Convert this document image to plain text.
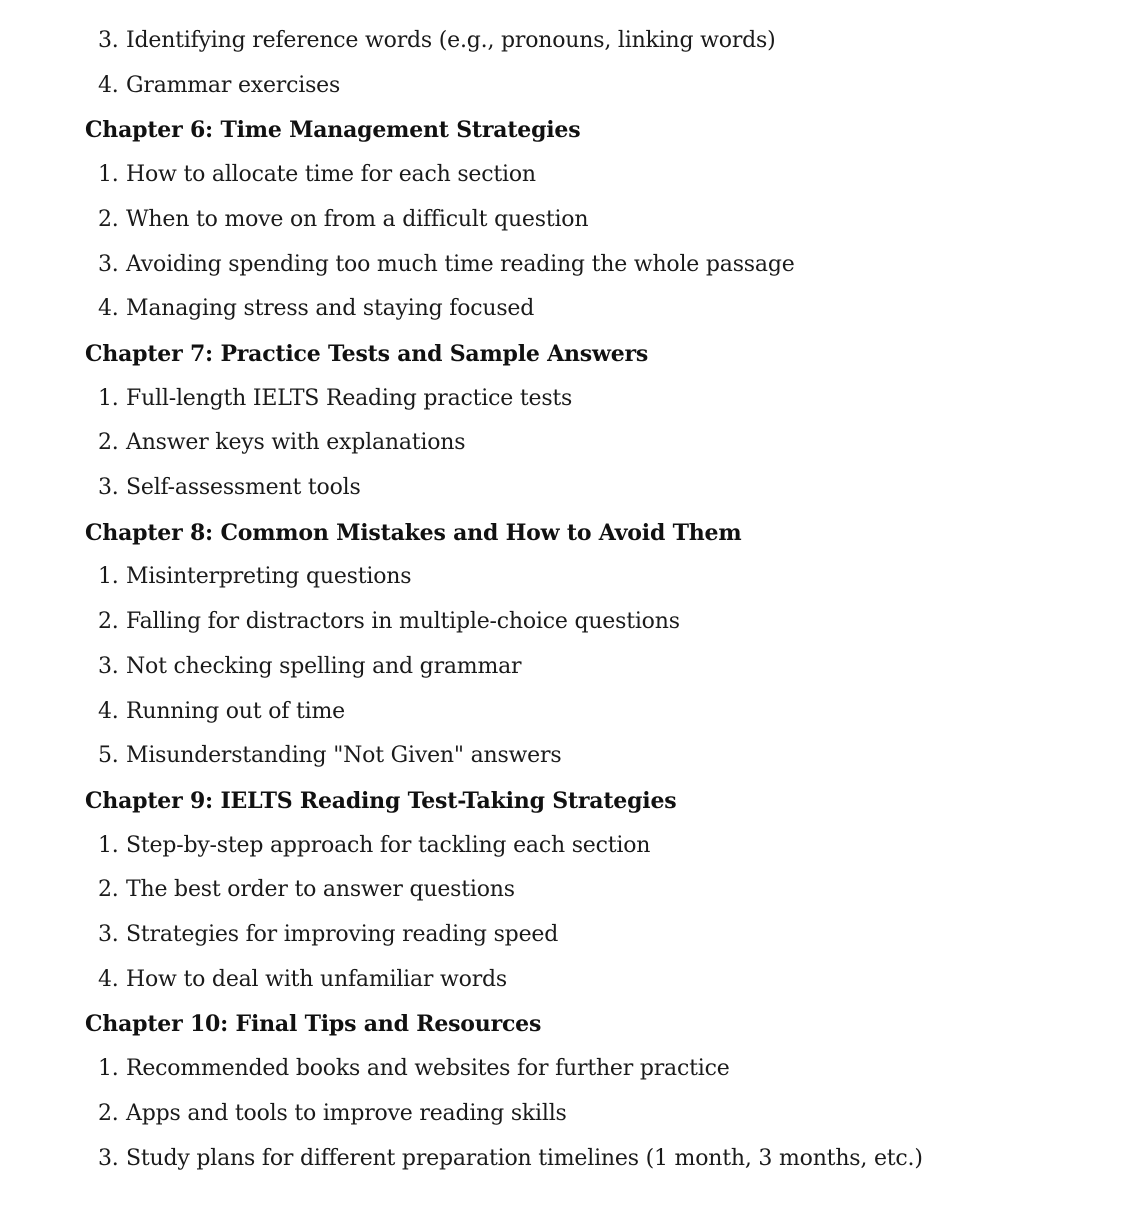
3. Identifying reference words (e.g., pronouns, linking words)
4. Grammar exercises
Chapter 6: Time Management Strategies
1. How to allocate time for each section
2. When to move on from a difficult question
3. Avoiding spending too much time reading the whole passage
4. Managing stress and staying focused
Chapter 7: Practice Tests and Sample Answers
1. Full-length IELTS Reading practice tests
2. Answer keys with explanations
3. Self-assessment tools
Chapter 8: Common Mistakes and How to Avoid Them
1. Misinterpreting questions
2. Falling for distractors in multiple-choice questions
3. Not checking spelling and grammar
4. Running out of time
5. Misunderstanding "Not Given" answers
Chapter 9: IELTS Reading Test-Taking Strategies
1. Step-by-step approach for tackling each section
2. The best order to answer questions
3. Strategies for improving reading speed
4. How to deal with unfamiliar words
Chapter 10: Final Tips and Resources
1. Recommended books and websites for further practice
2. Apps and tools to improve reading skills
3. Study plans for different preparation timelines (1 month, 3 months, etc.)
